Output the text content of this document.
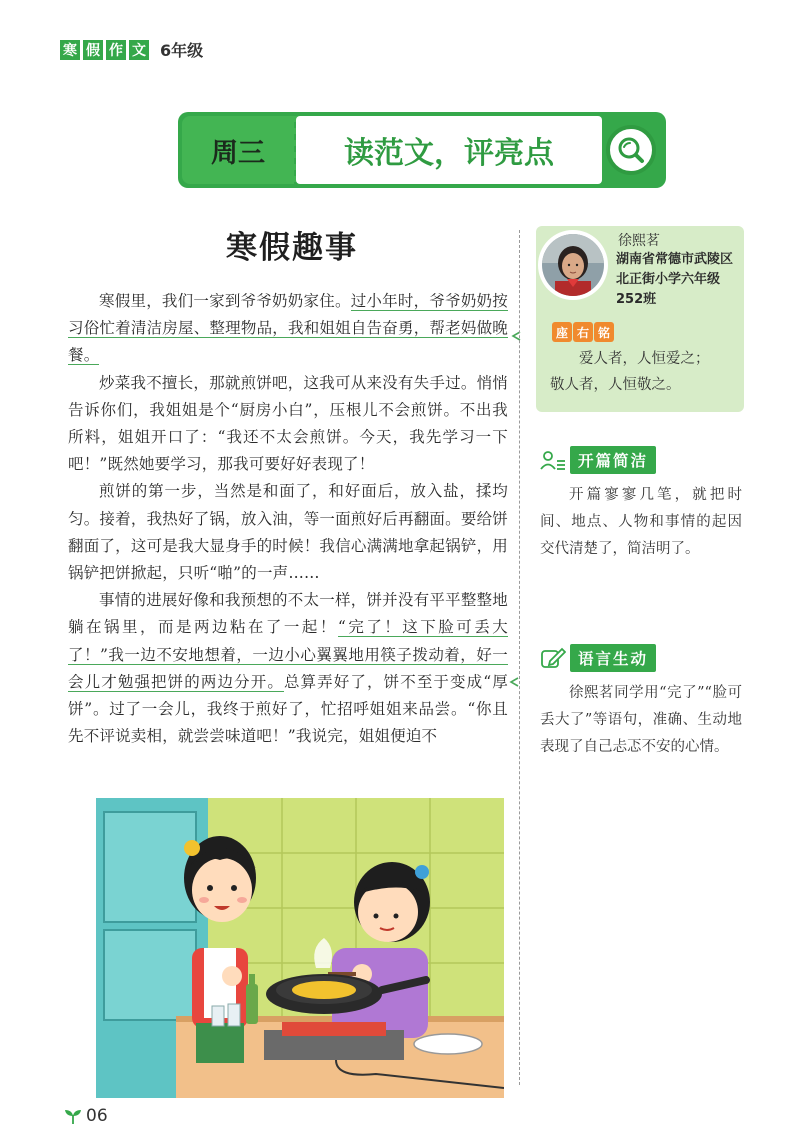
寒 假 作 文 6年级
周三	读范文，评亮点
寒假趣事

寒假里，我们一家到爷爷奶奶家住。过小年时，爷爷奶奶按习俗忙着清洁房屋、整理物品，我和姐姐自告奋勇，帮老妈做晚餐。

炒菜我不擅长，那就煎饼吧，这我可从来没有失手过。悄悄告诉你们，我姐姐是个“厨房小白”，压根儿不会煎饼。不出我所料，姐姐开口了：“我还不太会煎饼。今天，我先学习一下吧！”既然她要学习，那我可要好好表现了！

煎饼的第一步，当然是和面了，和好面后，放入盐，揉均匀。接着，我热好了锅，放入油，等一面煎好后再翻面。要给饼翻面了，这可是我大显身手的时候！我信心满满地拿起锅铲，用锅铲把饼掀起，只听“啪”的一声……

事情的进展好像和我预想的不太一样，饼并没有平平整整地躺在锅里，而是两边粘在了一起！“完了！这下脸可丢大了！”我一边不安地想着，一边小心翼翼地用筷子拨动着，好一会儿才勉强把饼的两边分开。总算弄好了，饼不至于变成“厚饼”。过了一会儿，我终于煎好了，忙招呼姐姐来品尝。“你且先不评说卖相，就尝尝味道吧！”我说完，姐姐便迫不

徐熙茗
湖南省常德市武陵区北正街小学六年级252班
座 右 铭
爱人者，人恒爱之；
敬人者，人恒敬之。
开篇简洁
开篇寥寥几笔，就把时间、地点、人物和事情的起因交代清楚了，简洁明了。
语言生动
徐熙茗同学用“完了”“脸可丢大了”等语句，准确、生动地表现了自己忐忑不安的心情。
06
